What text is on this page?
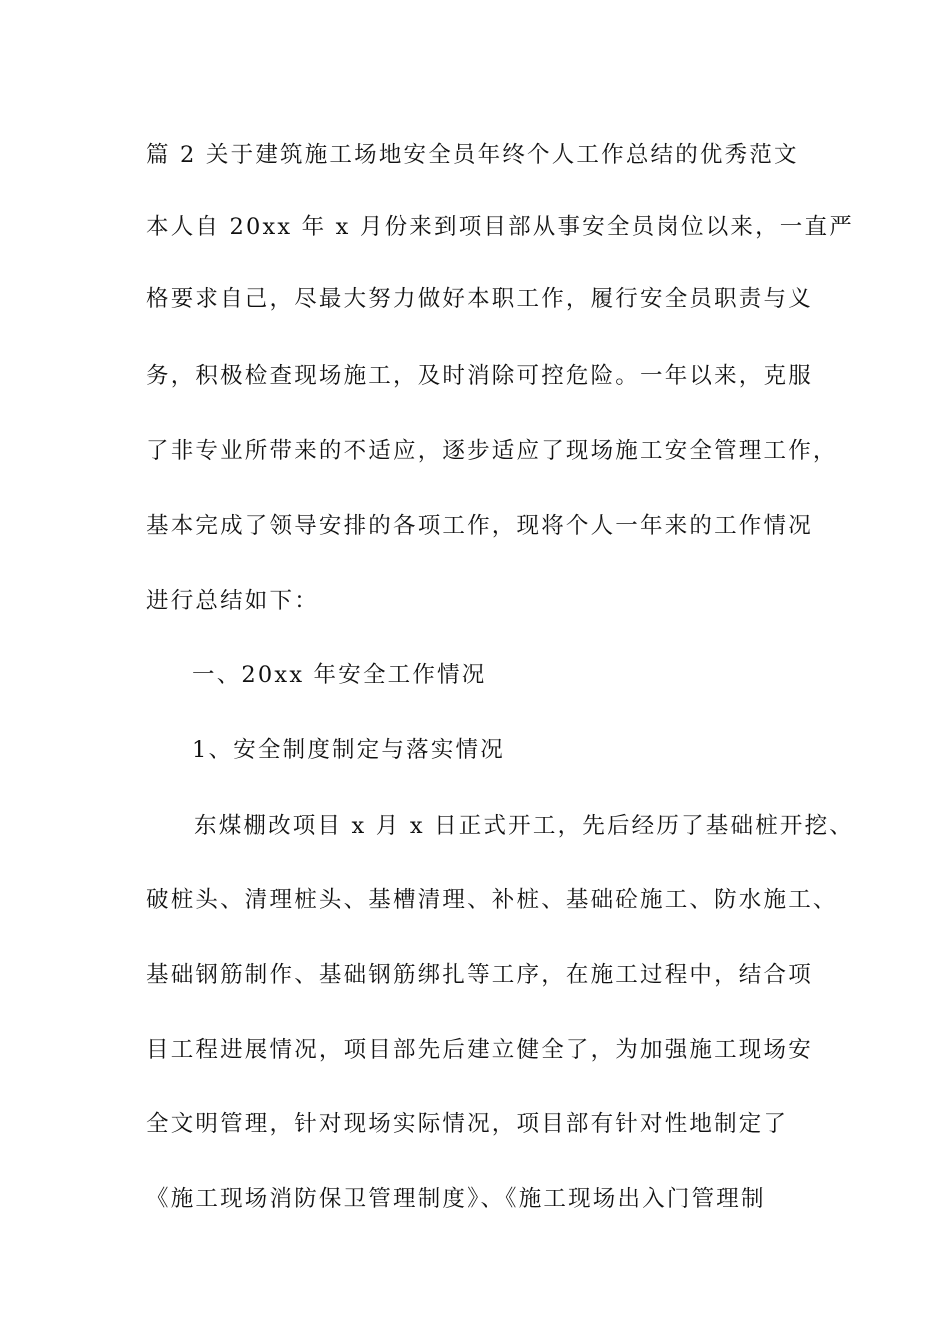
篇 2 关于建筑施工场地安全员年终个人工作总结的优秀范文
本人自 20xx 年 x 月份来到项目部从事安全员岗位以来，一直严
格要求自己，尽最大努力做好本职工作，履行安全员职责与义
务，积极检查现场施工，及时消除可控危险。一年以来，克服
了非专业所带来的不适应，逐步适应了现场施工安全管理工作，
基本完成了领导安排的各项工作，现将个人一年来的工作情况
进行总结如下：
一、20xx 年安全工作情况
1、安全制度制定与落实情况
东煤棚改项目 x 月 x 日正式开工，先后经历了基础桩开挖、
破桩头、清理桩头、基槽清理、补桩、基础砼施工、防水施工、
基础钢筋制作、基础钢筋绑扎等工序，在施工过程中，结合项
目工程进展情况，项目部先后建立健全了，为加强施工现场安
全文明管理，针对现场实际情况，项目部有针对性地制定了
《施工现场消防保卫管理制度》、《施工现场出入门管理制
